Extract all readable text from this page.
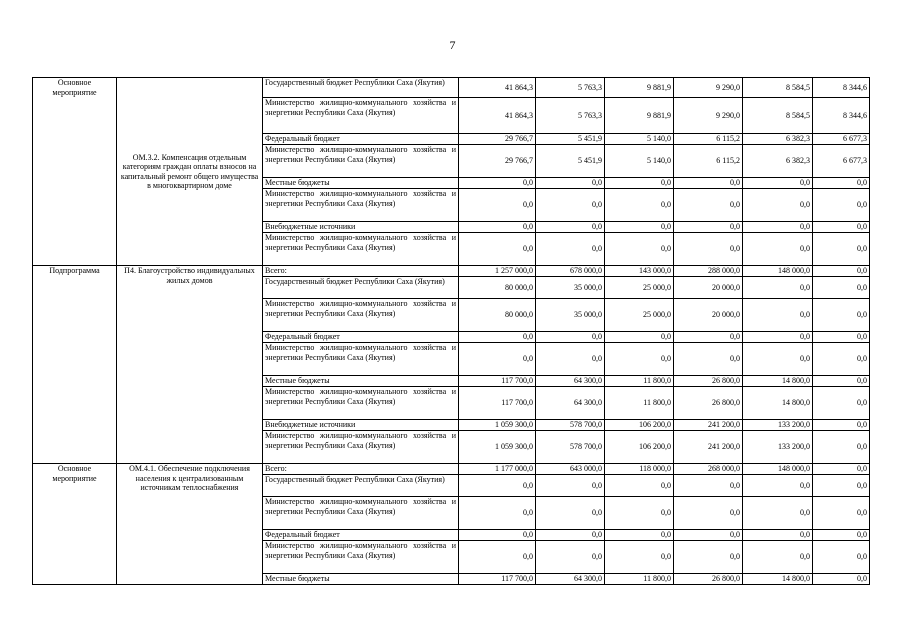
7
Основное мероприятие	ОМ.3.2. Компенсация отдельным категориям граждан оплаты взносов на капитальный ремонт общего имущества в многоквартирном доме	Государственный бюджет Республики Саха (Якутия)	41 864,3	5 763,3	9 881,9	9 290,0	8 584,5	8 344,6
		Министерство жилищно-коммунального хозяйства и энергетики Республики Саха (Якутия)	41 864,3	5 763,3	9 881,9	9 290,0	8 584,5	8 344,6
		Федеральный бюджет	29 766,7	5 451,9	5 140,0	6 115,2	6 382,3	6 677,3
		Министерство жилищно-коммунального хозяйства и энергетики Республики Саха (Якутия)	29 766,7	5 451,9	5 140,0	6 115,2	6 382,3	6 677,3
		Местные бюджеты	0,0	0,0	0,0	0,0	0,0	0,0
		Министерство жилищно-коммунального хозяйства и энергетики Республики Саха (Якутия)	0,0	0,0	0,0	0,0	0,0	0,0
		Внебюджетные источники	0,0	0,0	0,0	0,0	0,0	0,0
		Министерство жилищно-коммунального хозяйства и энергетики Республики Саха (Якутия)	0,0	0,0	0,0	0,0	0,0	0,0
Подпрограмма	П4. Благоустройство индивидуальных жилых домов	Всего:	1 257 000,0	678 000,0	143 000,0	288 000,0	148 000,0	0,0
		Государственный бюджет Республики Саха (Якутия)	80 000,0	35 000,0	25 000,0	20 000,0	0,0	0,0
		Министерство жилищно-коммунального хозяйства и энергетики Республики Саха (Якутия)	80 000,0	35 000,0	25 000,0	20 000,0	0,0	0,0
		Федеральный бюджет	0,0	0,0	0,0	0,0	0,0	0,0
		Министерство жилищно-коммунального хозяйства и энергетики Республики Саха (Якутия)	0,0	0,0	0,0	0,0	0,0	0,0
		Местные бюджеты	117 700,0	64 300,0	11 800,0	26 800,0	14 800,0	0,0
		Министерство жилищно-коммунального хозяйства и энергетики Республики Саха (Якутия)	117 700,0	64 300,0	11 800,0	26 800,0	14 800,0	0,0
		Внебюджетные источники	1 059 300,0	578 700,0	106 200,0	241 200,0	133 200,0	0,0
		Министерство жилищно-коммунального хозяйства и энергетики Республики Саха (Якутия)	1 059 300,0	578 700,0	106 200,0	241 200,0	133 200,0	0,0
Основное мероприятие	ОМ.4.1. Обеспечение подключения населения к централизованным источникам теплоснабжения	Всего:	1 177 000,0	643 000,0	118 000,0	268 000,0	148 000,0	0,0
		Государственный бюджет Республики Саха (Якутия)	0,0	0,0	0,0	0,0	0,0	0,0
		Министерство жилищно-коммунального хозяйства и энергетики Республики Саха (Якутия)	0,0	0,0	0,0	0,0	0,0	0,0
		Федеральный бюджет	0,0	0,0	0,0	0,0	0,0	0,0
		Министерство жилищно-коммунального хозяйства и энергетики Республики Саха (Якутия)	0,0	0,0	0,0	0,0	0,0	0,0
		Местные бюджеты	117 700,0	64 300,0	11 800,0	26 800,0	14 800,0	0,0
